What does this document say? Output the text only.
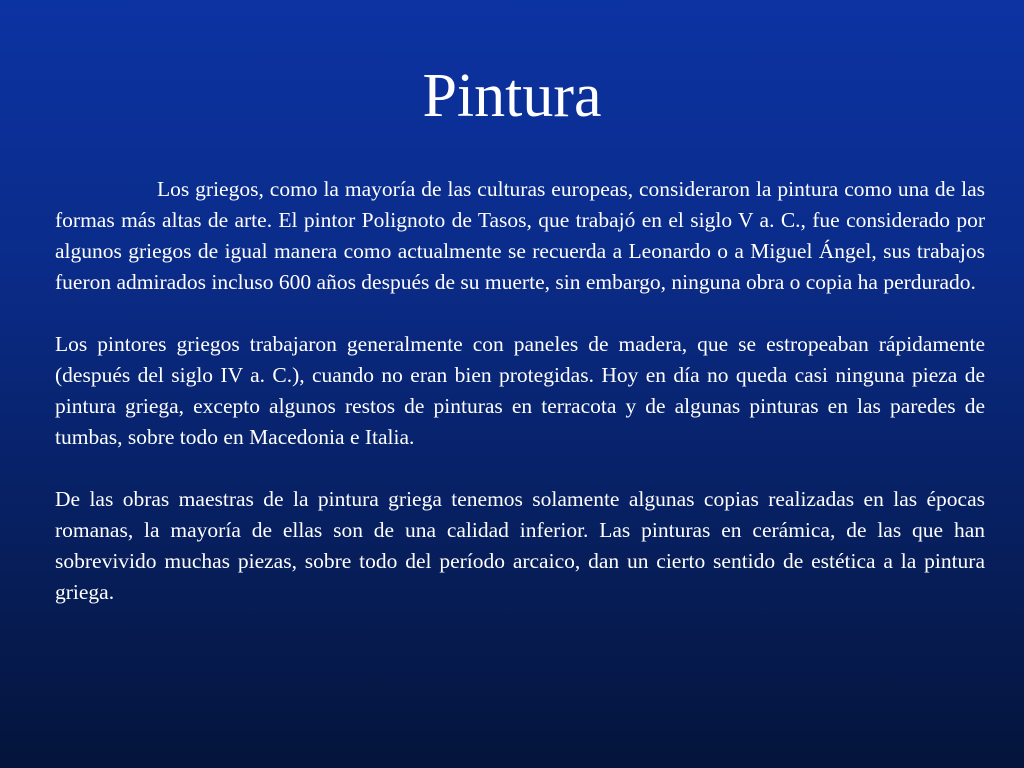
Pintura

Los griegos, como la mayoría de las culturas europeas, consideraron la pintura como una de las formas más altas de arte. El pintor Polignoto de Tasos, que trabajó en el siglo V a. C., fue considerado por algunos griegos de igual manera como actualmente se recuerda a Leonardo o a Miguel Ángel, sus trabajos fueron admirados incluso 600 años después de su muerte, sin embargo, ninguna obra o copia ha perdurado.

Los pintores griegos trabajaron generalmente con paneles de madera, que se estropeaban rápidamente (después del siglo IV a. C.), cuando no eran bien protegidas. Hoy en día no queda casi ninguna pieza de pintura griega, excepto algunos restos de pinturas en terracota y de algunas pinturas en las paredes de tumbas, sobre todo en Macedonia e Italia.

De las obras maestras de la pintura griega tenemos solamente algunas copias realizadas en las épocas romanas, la mayoría de ellas son de una calidad inferior. Las pinturas en cerámica, de las que han sobrevivido muchas piezas, sobre todo del período arcaico, dan un cierto sentido de estética a la pintura griega.
